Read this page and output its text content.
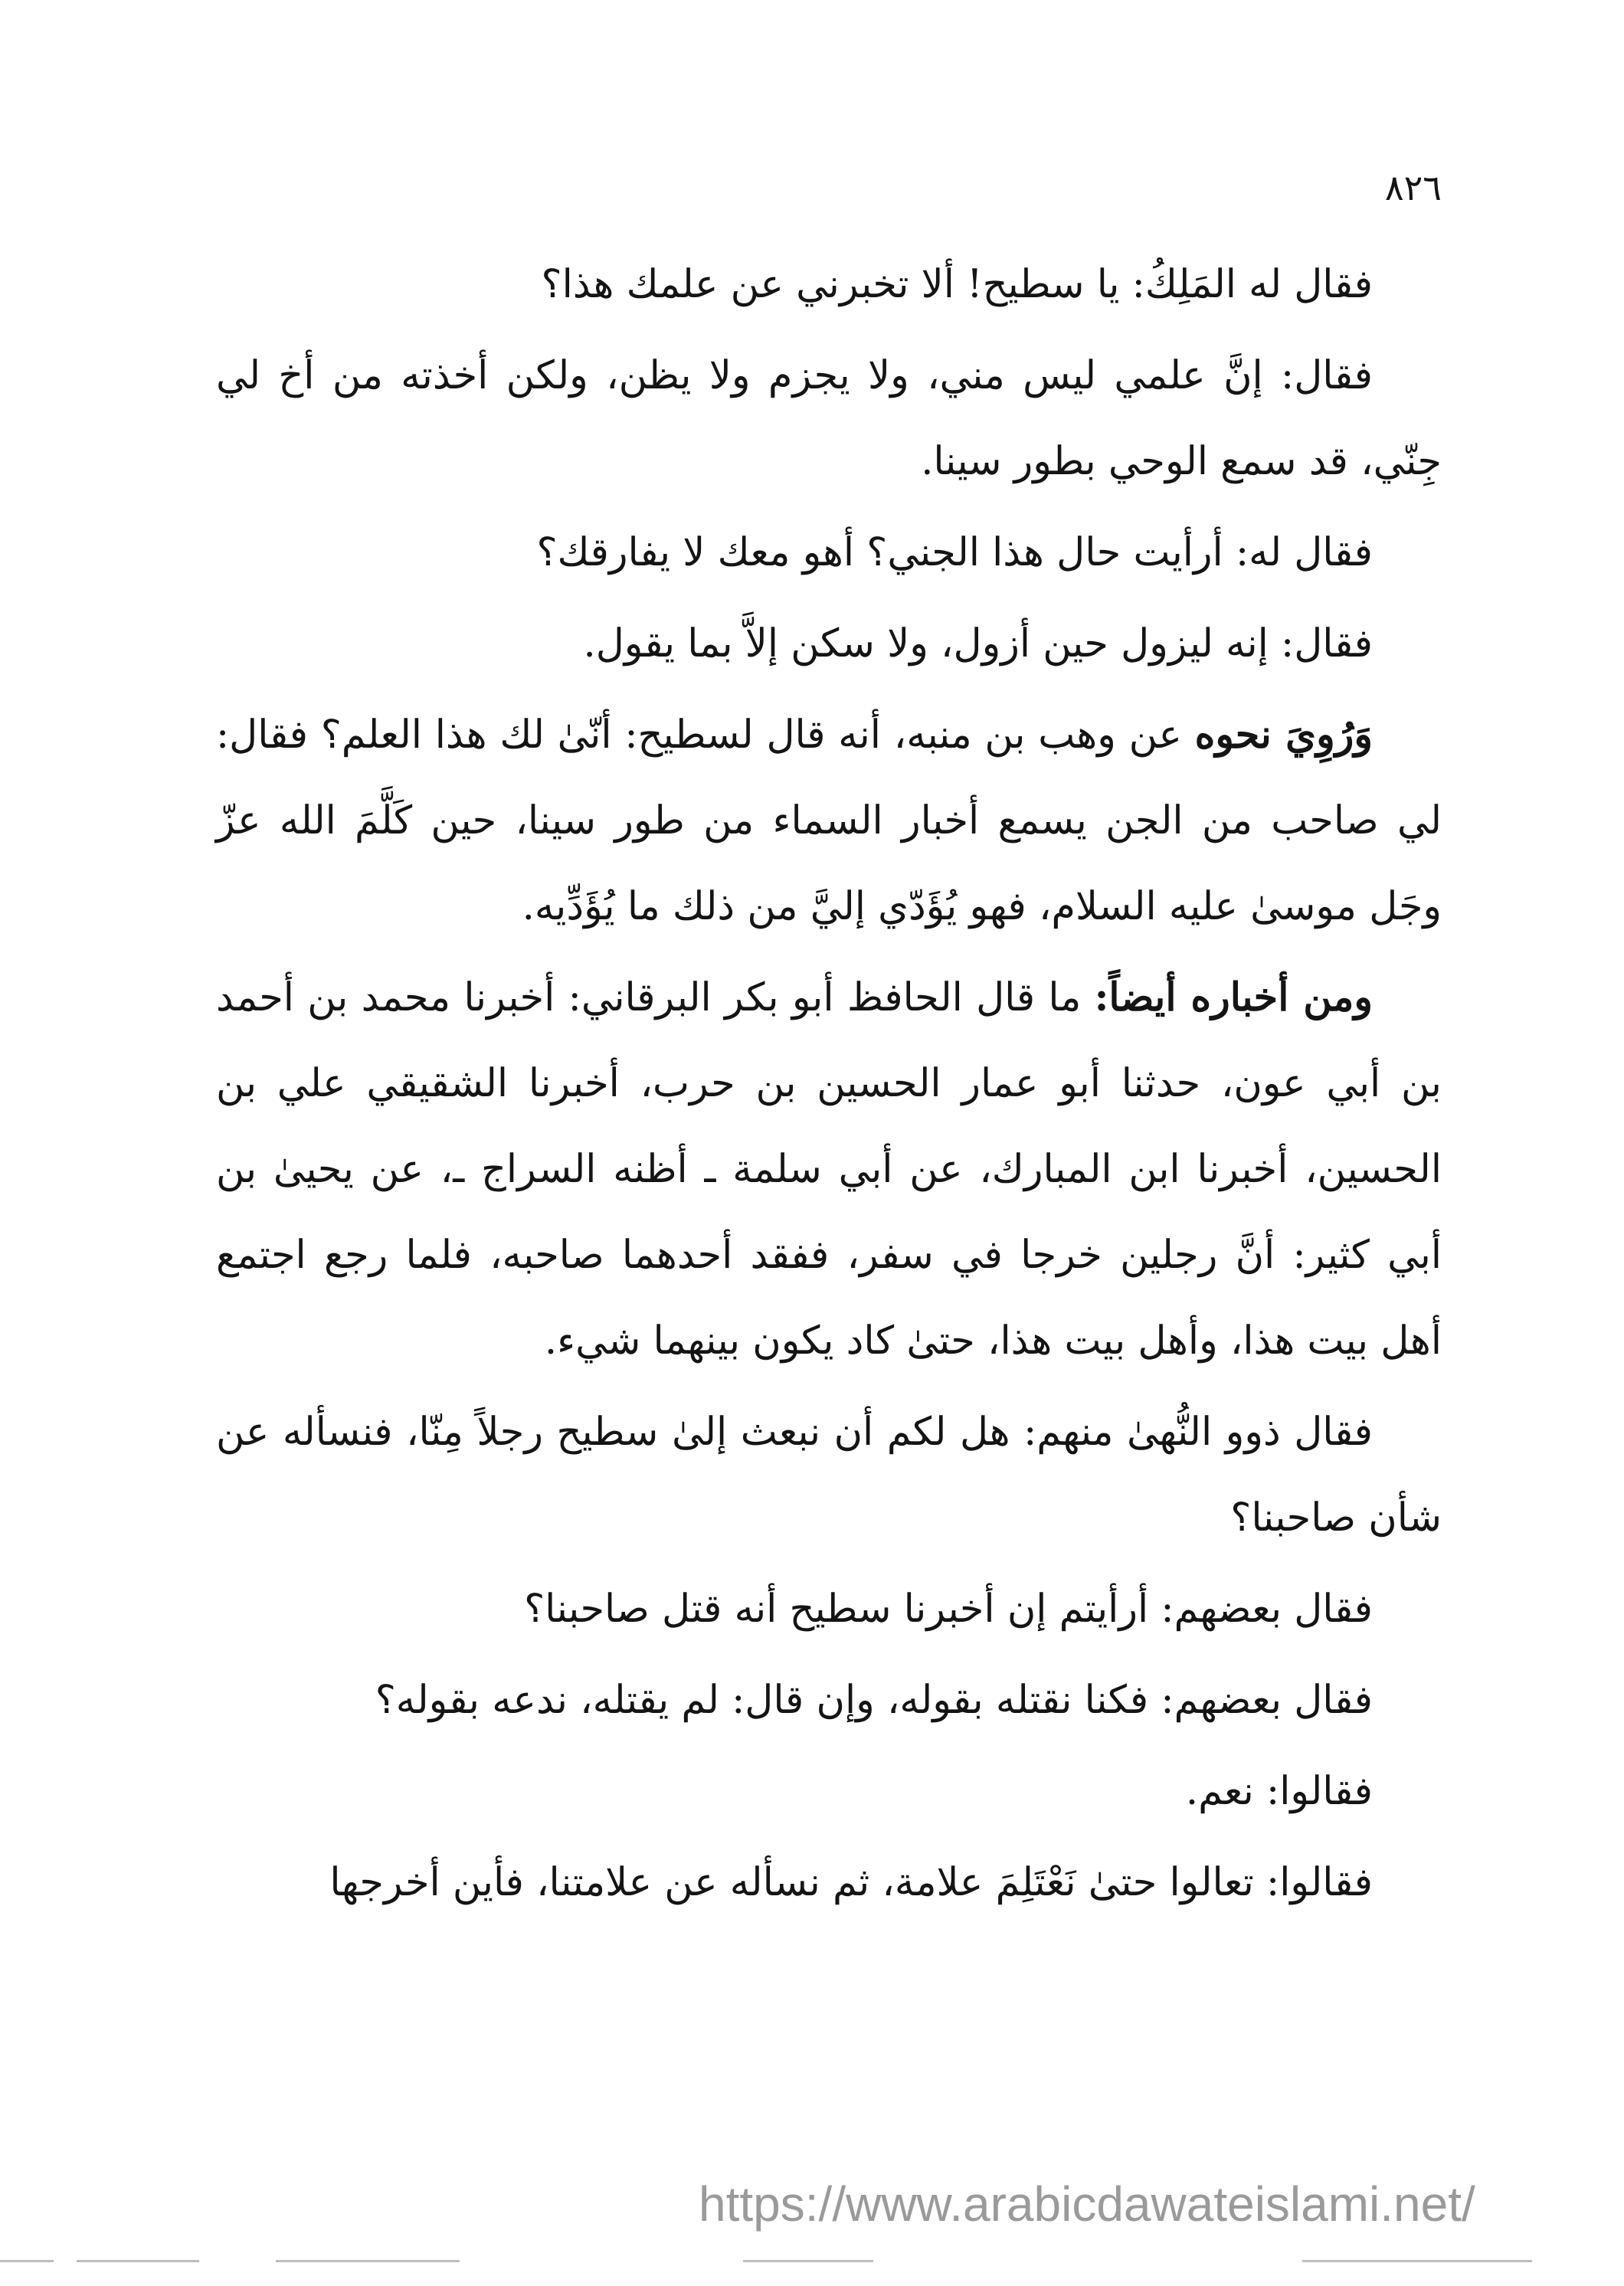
٨٢٦

فقال له المَلِكُ: يا سطيح! ألا تخبرني عن علمك هذا؟

فقال: إنَّ علمي ليس مني، ولا يجزم ولا يظن، ولكن أخذته من أخ لي جِنّي، قد سمع الوحي بطور سينا.

فقال له: أرأيت حال هذا الجني؟ أهو معك لا يفارقك؟

فقال: إنه ليزول حين أزول، ولا سكن إلاَّ بما يقول.

وَرُوِيَ نحوه عن وهب بن منبه، أنه قال لسطيح: أنّىٰ لك هذا العلم؟ فقال: لي صاحب من الجن يسمع أخبار السماء من طور سينا، حين كَلَّمَ الله عزّ وجَل موسىٰ عليه السلام، فهو يُؤَدّي إليَّ من ذلك ما يُؤَدِّيه.

ومن أخباره أيضاً: ما قال الحافظ أبو بكر البرقاني: أخبرنا محمد بن أحمد بن أبي عون، حدثنا أبو عمار الحسين بن حرب، أخبرنا الشقيقي علي بن الحسين، أخبرنا ابن المبارك، عن أبي سلمة ـ أظنه السراج ـ، عن يحيىٰ بن أبي كثير: أنَّ رجلين خرجا في سفر، ففقد أحدهما صاحبه، فلما رجع اجتمع أهل بيت هذا، وأهل بيت هذا، حتىٰ كاد يكون بينهما شيء.

فقال ذوو النُّهىٰ منهم: هل لكم أن نبعث إلىٰ سطيح رجلاً مِنّا، فنسأله عن شأن صاحبنا؟

فقال بعضهم: أرأيتم إن أخبرنا سطيح أنه قتل صاحبنا؟

فقال بعضهم: فكنا نقتله بقوله، وإن قال: لم يقتله، ندعه بقوله؟

فقالوا: نعم.

فقالوا: تعالوا حتىٰ نَعْتَلِمَ علامة، ثم نسأله عن علامتنا، فأين أخرجها

https://www.arabicdawateislami.net/
